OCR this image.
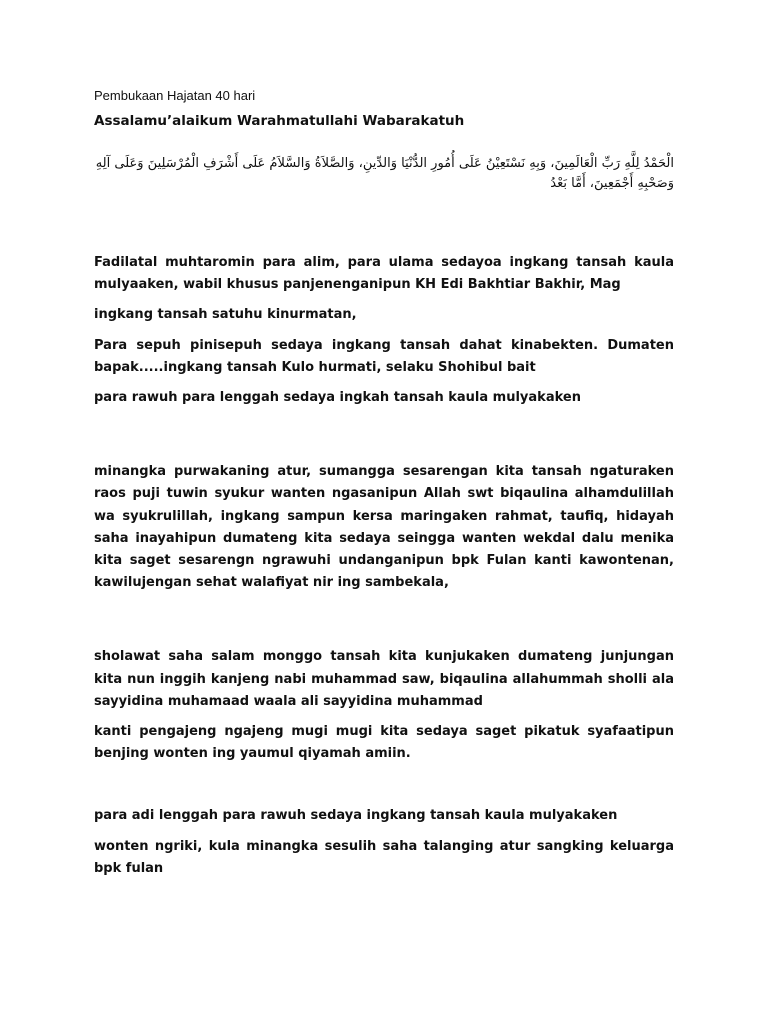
Pembukaan Hajatan 40 hari

Assalamu’alaikum Warahmatullahi Wabarakatuh

الْحَمْدُ لِلَّهِ رَبِّ الْعَالَمِينَ، وَبِهِ نَسْتَعِيْنُ عَلَى أُمُورِ الدُّنْيَا وَالدِّينِ، وَالصَّلاَةُ وَالسَّلاَمُ عَلَى أَشْرَفِ الْمُرْسَلِينَ وَعَلَى آلِهِ وَصَحْبِهِ أَجْمَعِينَ، أَمَّا بَعْدُ

Fadilatal muhtaromin para alim, para ulama sedayoa ingkang tansah kaula mulyaaken, wabil khusus panjenenganipun KH Edi Bakhtiar Bakhir, Mag

ingkang tansah satuhu kinurmatan,

Para sepuh pinisepuh sedaya ingkang tansah dahat kinabekten. Dumaten bapak.....ingkang tansah Kulo hurmati, selaku Shohibul bait

para rawuh para lenggah sedaya ingkah tansah kaula mulyakaken

minangka purwakaning atur, sumangga sesarengan kita tansah ngaturaken raos puji tuwin syukur wanten ngasanipun Allah swt biqaulina alhamdulillah wa syukrulillah, ingkang sampun kersa maringaken rahmat, taufiq, hidayah saha inayahipun dumateng kita sedaya seingga wanten wekdal dalu menika kita saget sesarengn ngrawuhi undanganipun bpk Fulan kanti kawontenan, kawilujengan sehat walafiyat nir ing sambekala,

sholawat saha salam monggo tansah kita kunjukaken dumateng junjungan kita nun inggih kanjeng nabi muhammad saw, biqaulina allahummah sholli ala sayyidina muhamaad waala ali sayyidina muhammad

kanti pengajeng ngajeng mugi mugi kita sedaya saget pikatuk syafaatipun benjing wonten ing yaumul qiyamah amiin.

para adi lenggah para rawuh sedaya ingkang tansah kaula mulyakaken

wonten ngriki, kula minangka sesulih saha talanging atur sangking keluarga bpk fulan
